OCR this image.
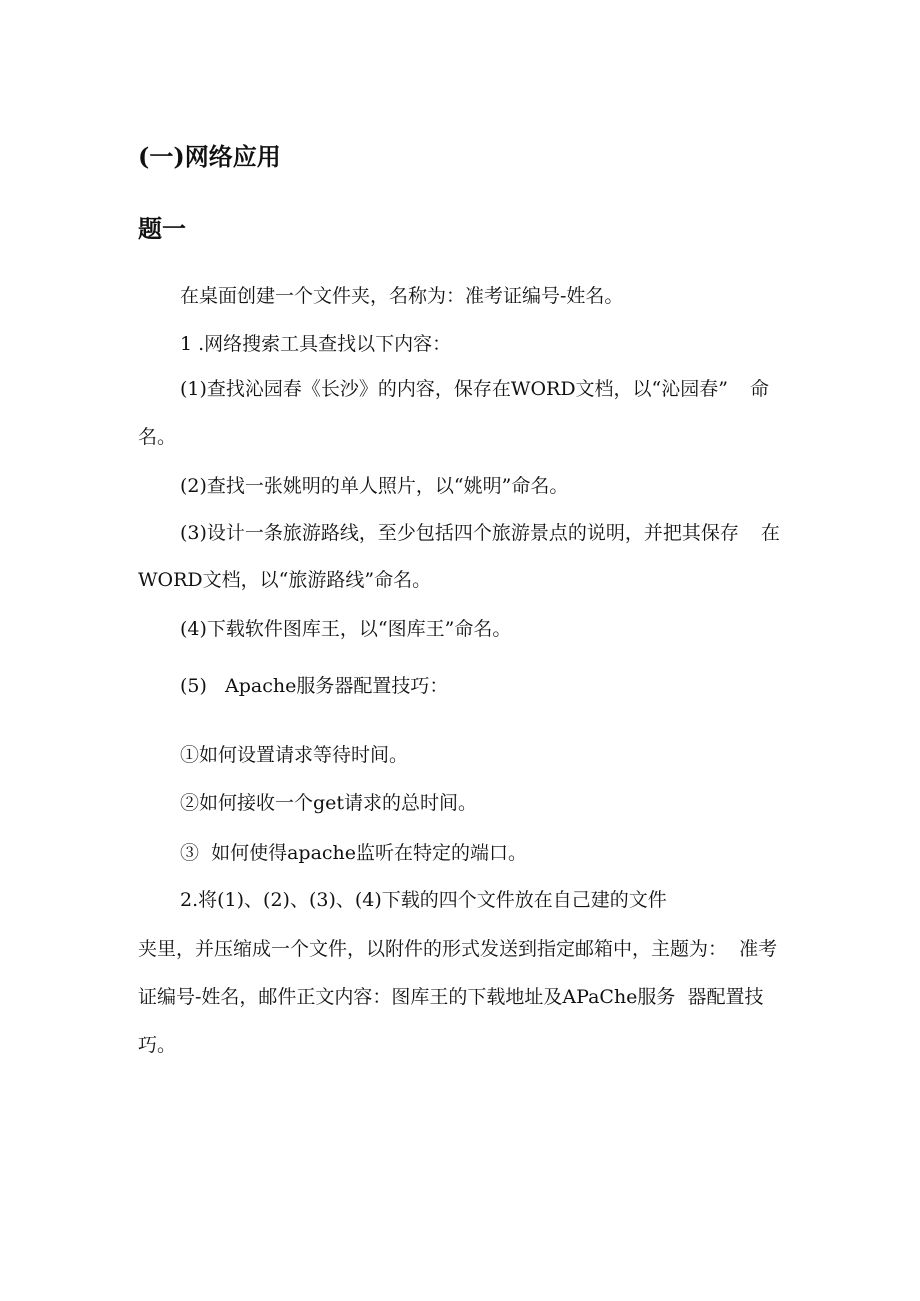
(一)网络应用
题一

在桌面创建一个文件夹，名称为：准考证编号-姓名。

1 .网络搜索工具查找以下内容：

(1)查找沁园春《长沙》的内容，保存在WORD文档，以“沁园春” 命

名。

(2)查找一张姚明的单人照片，以“姚明”命名。

(3)设计一条旅游路线，至少包括四个旅游景点的说明，并把其保存 在

WORD文档，以“旅游路线”命名。

(4)下载软件图库王，以“图库王”命名。

(5)   Apache服务器配置技巧：

①如何设置请求等待时间。

②如何接收一个get请求的总时间。

③  如何使得apache监听在特定的端口。

2.将(1)、(2)、(3)、(4)下载的四个文件放在自己建的文件

夹里，并压缩成一个文件，以附件的形式发送到指定邮箱中，主题为：  准考

证编号-姓名，邮件正文内容：图库王的下载地址及APaChe服务  器配置技

巧。
